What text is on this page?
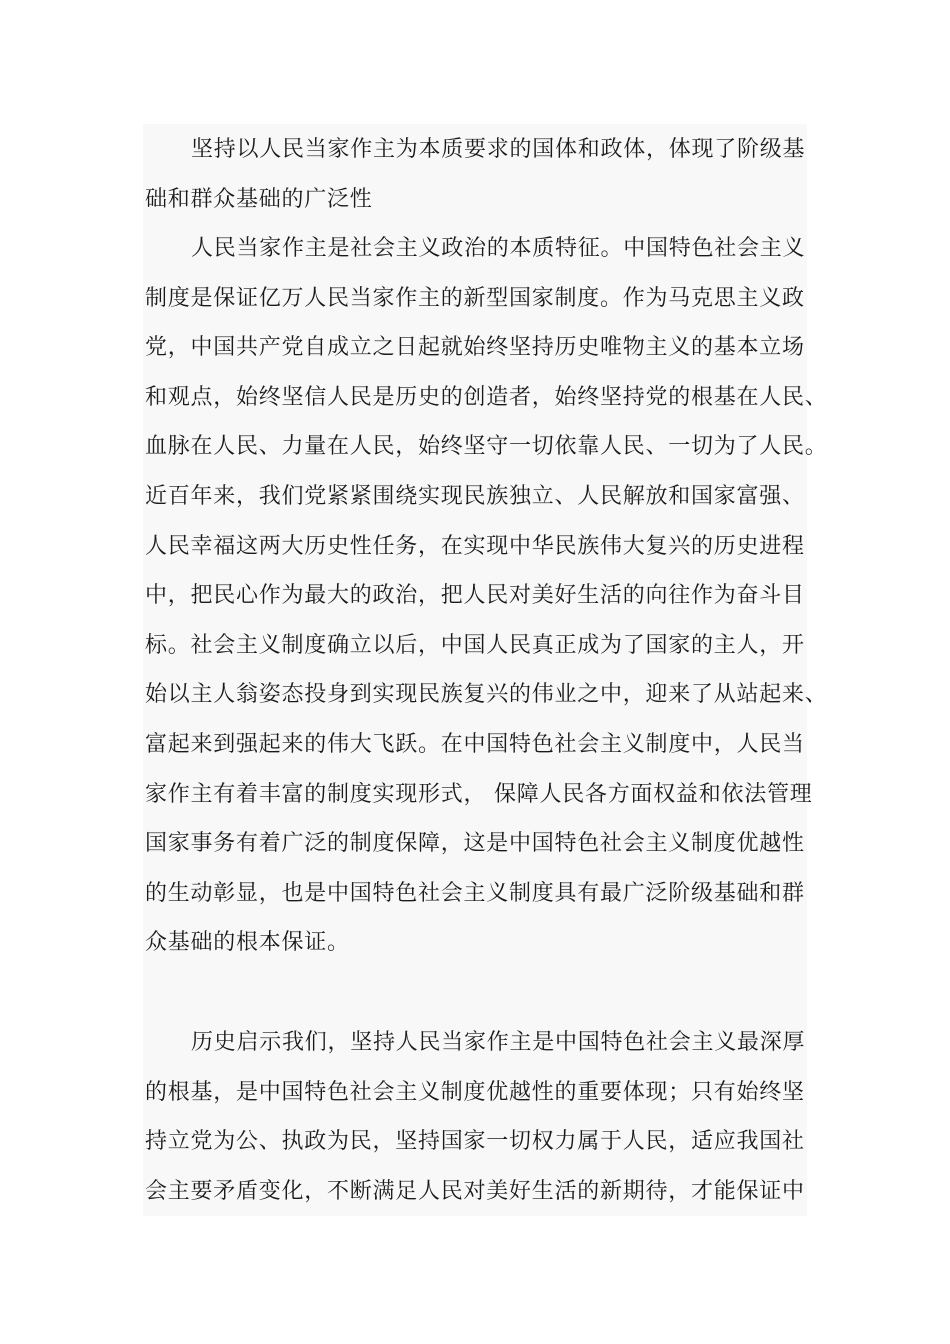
坚持以人民当家作主为本质要求的国体和政体，体现了阶级基
础和群众基础的广泛性
人民当家作主是社会主义政治的本质特征。中国特色社会主义
制度是保证亿万人民当家作主的新型国家制度。作为马克思主义政
党，中国共产党自成立之日起就始终坚持历史唯物主义的基本立场
和观点，始终坚信人民是历史的创造者，始终坚持党的根基在人民、
血脉在人民、力量在人民，始终坚守一切依靠人民、一切为了人民。
近百年来，我们党紧紧围绕实现民族独立、人民解放和国家富强、
人民幸福这两大历史性任务，在实现中华民族伟大复兴的历史进程
中，把民心作为最大的政治，把人民对美好生活的向往作为奋斗目
标。社会主义制度确立以后，中国人民真正成为了国家的主人，开
始以主人翁姿态投身到实现民族复兴的伟业之中，迎来了从站起来、
富起来到强起来的伟大飞跃。在中国特色社会主义制度中，人民当
家作主有着丰富的制度实现形式， 保障人民各方面权益和依法管理
国家事务有着广泛的制度保障，这是中国特色社会主义制度优越性
的生动彰显，也是中国特色社会主义制度具有最广泛阶级基础和群
众基础的根本保证。
历史启示我们，坚持人民当家作主是中国特色社会主义最深厚
的根基，是中国特色社会主义制度优越性的重要体现；只有始终坚
持立党为公、执政为民，坚持国家一切权力属于人民，适应我国社
会主要矛盾变化，不断满足人民对美好生活的新期待，才能保证中
